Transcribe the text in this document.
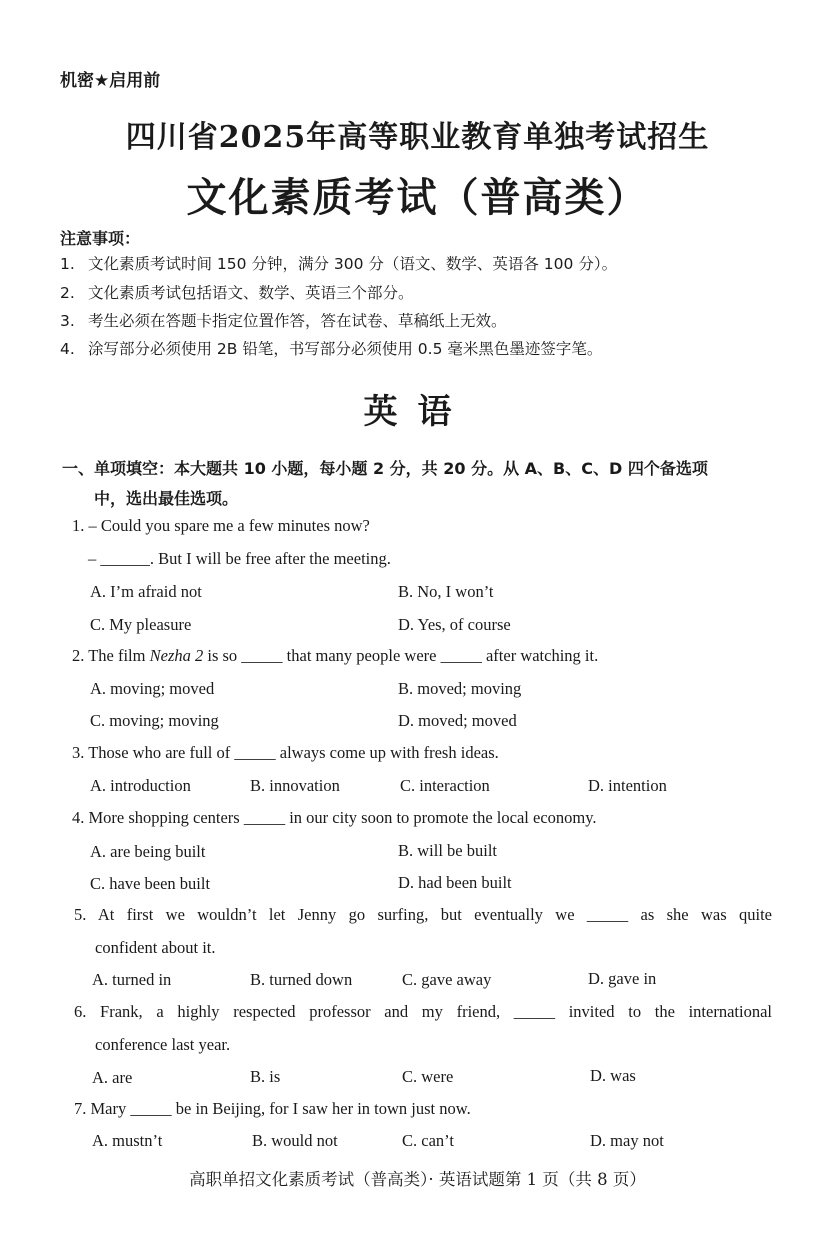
机密★启用前
四川省2025年高等职业教育单独考试招生
文化素质考试（普高类）
注意事项：
1. 文化素质考试时间 150 分钟，满分 300 分（语文、数学、英语各 100 分）。
2. 文化素质考试包括语文、数学、英语三个部分。
3. 考生必须在答题卡指定位置作答，答在试卷、草稿纸上无效。
4. 涂写部分必须使用 2B 铅笔，书写部分必须使用 0.5 毫米黑色墨迹签字笔。
英语
一、单项填空：本大题共 10 小题，每小题 2 分，共 20 分。从 A、B、C、D 四个备选项
中，选出最佳选项。
1. – Could you spare me a few minutes now?
– ______. But I will be free after the meeting.
A. I’m afraid not	B. No, I won’t
C. My pleasure	D. Yes, of course
2. The film Nezha 2 is so _____ that many people were _____ after watching it.
A. moving; moved	B. moved; moving
C. moving; moving	D. moved; moved
3. Those who are full of _____ always come up with fresh ideas.
A. introduction	B. innovation	C. interaction	D. intention
4. More shopping centers _____ in our city soon to promote the local economy.
A. are being built	B. will be built
C. have been built	D. had been built
5. At first we wouldn’t let Jenny go surfing, but eventually we _____ as she was quite
confident about it.
A. turned in	B. turned down	C. gave away	D. gave in
6. Frank, a highly respected professor and my friend, _____ invited to the international
conference last year.
A. are	B. is	C. were	D. was
7. Mary _____ be in Beijing, for I saw her in town just now.
A. mustn’t	B. would not	C. can’t	D. may not
高职单招文化素质考试（普高类）· 英语试题第 1 页（共 8 页）
